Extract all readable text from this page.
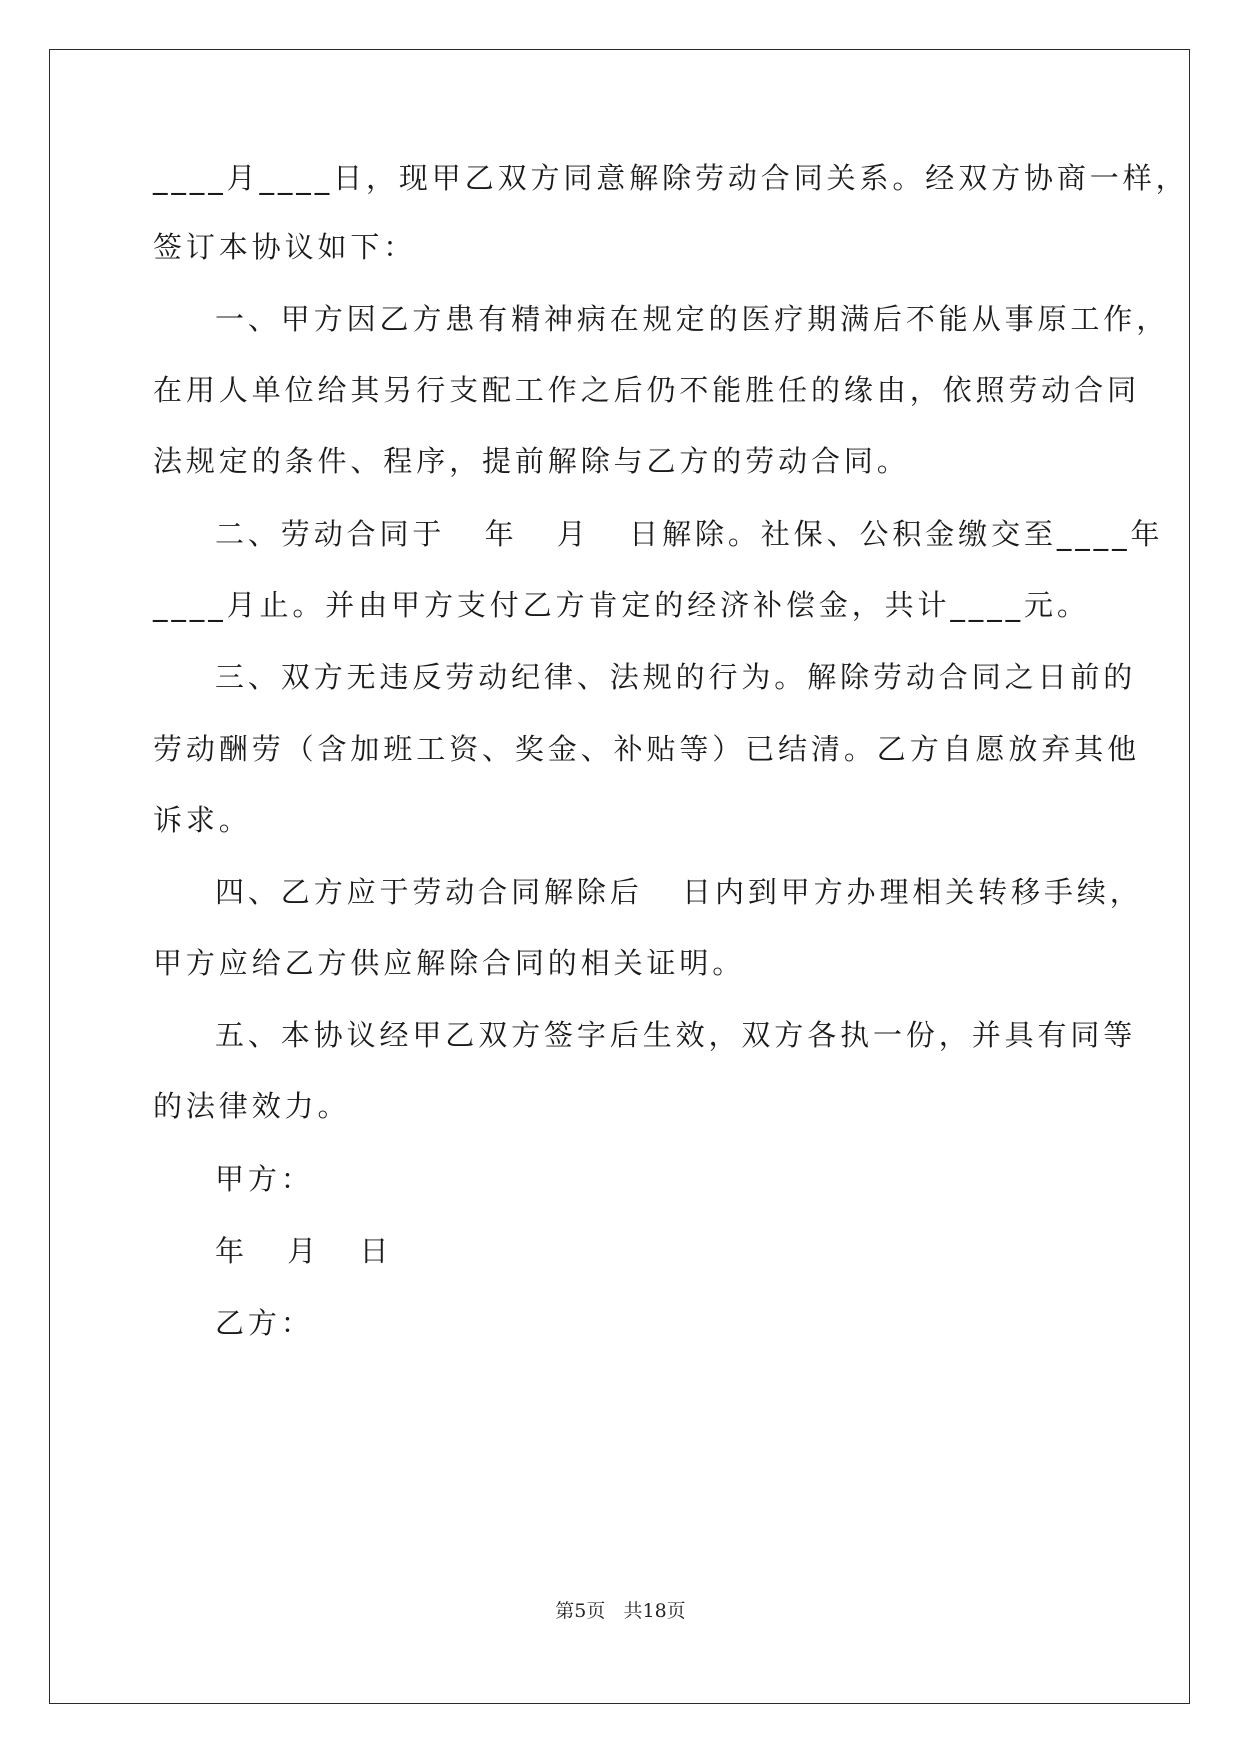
____月____日，现甲乙双方同意解除劳动合同关系。经双方协商一样，
签订本协议如下：
一、甲方因乙方患有精神病在规定的医疗期满后不能从事原工作，
在用人单位给其另行支配工作之后仍不能胜任的缘由，依照劳动合同
法规定的条件、程序，提前解除与乙方的劳动合同。
二、劳动合同于   年   月   日解除。社保、公积金缴交至____年
____月止。并由甲方支付乙方肯定的经济补偿金，共计____元。
三、双方无违反劳动纪律、法规的行为。解除劳动合同之日前的
劳动酬劳（含加班工资、奖金、补贴等）已结清。乙方自愿放弃其他
诉求。
四、乙方应于劳动合同解除后   日内到甲方办理相关转移手续，
甲方应给乙方供应解除合同的相关证明。
五、本协议经甲乙双方签字后生效，双方各执一份，并具有同等
的法律效力。
甲方：
年   月   日
乙方：
第5页   共18页
